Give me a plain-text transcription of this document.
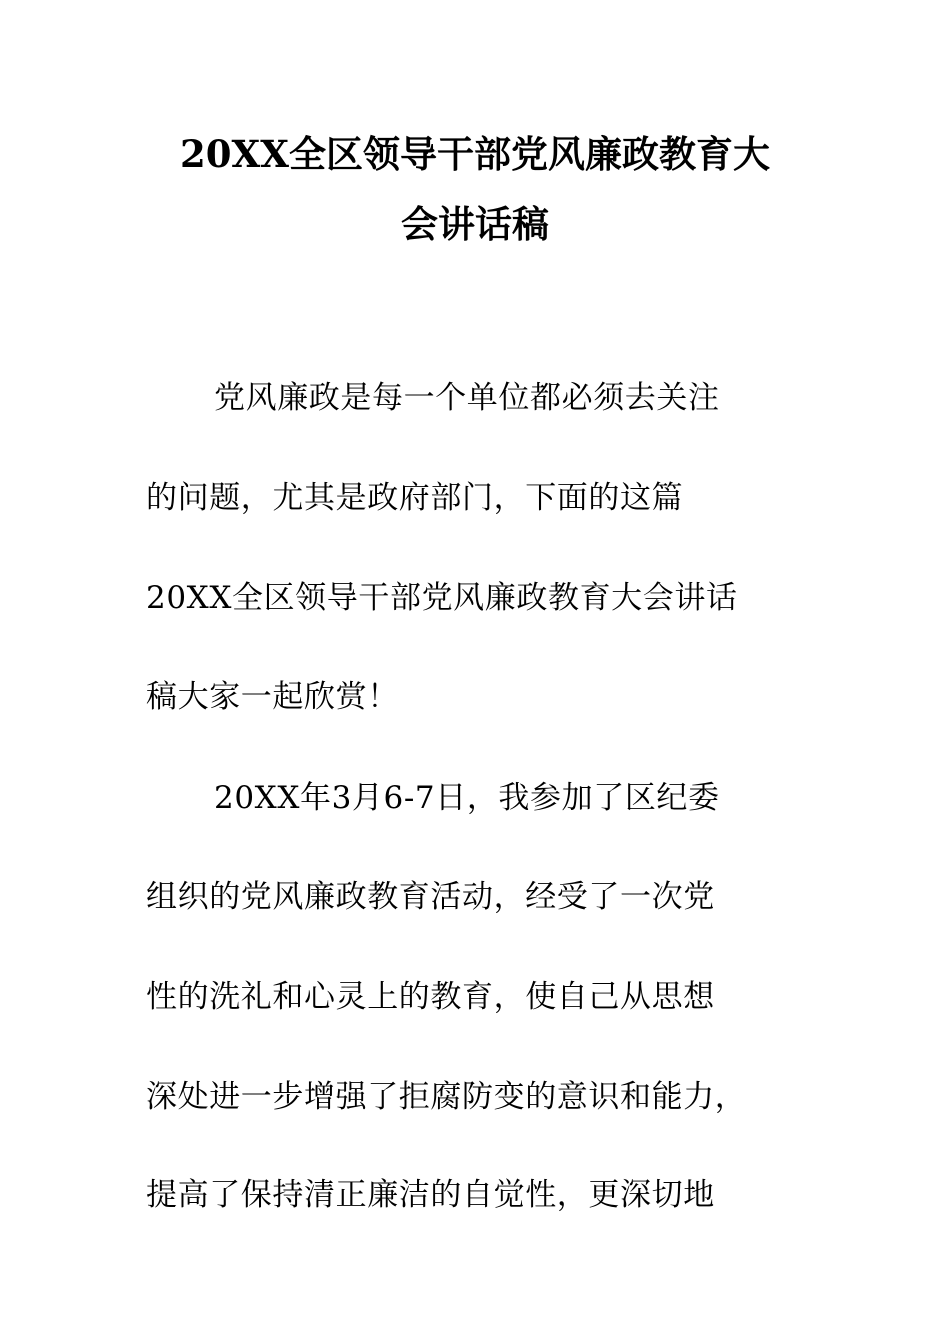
20XX全区领导干部党风廉政教育大
会讲话稿
党风廉政是每一个单位都必须去关注
的问题，尤其是政府部门，下面的这篇
20XX全区领导干部党风廉政教育大会讲话
稿大家一起欣赏！
20XX年3月6-7日，我参加了区纪委
组织的党风廉政教育活动，经受了一次党
性的洗礼和心灵上的教育，使自己从思想
深处进一步增强了拒腐防变的意识和能力，
提高了保持清正廉洁的自觉性，更深切地
